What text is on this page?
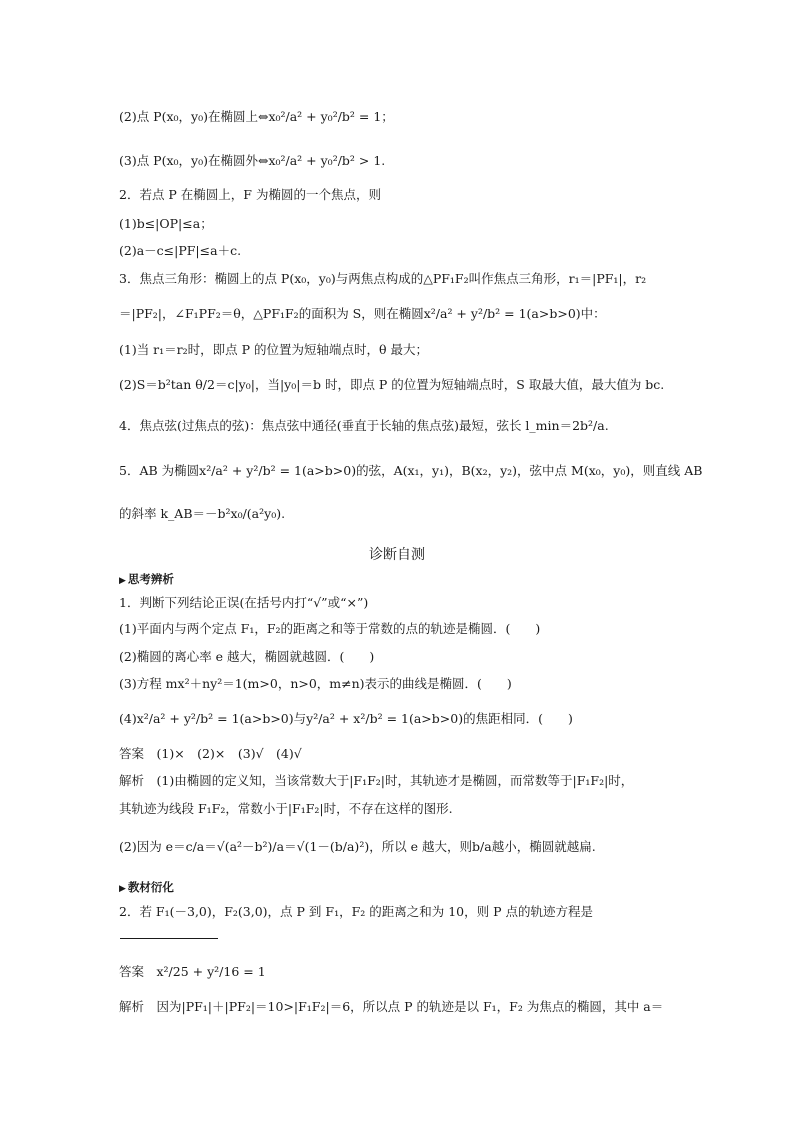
诊断自测
▶ 思考辨析
▶ 教材衍化
(2)点 P(x₀，y₀)在椭圆上⇔x₀²/a² + y₀²/b² = 1；
(3)点 P(x₀，y₀)在椭圆外⇔x₀²/a² + y₀²/b² > 1.
2．若点 P 在椭圆上，F 为椭圆的一个焦点，则
(1)b≤|OP|≤a；
(2)a－c≤|PF|≤a＋c.
3．焦点三角形：椭圆上的点 P(x₀，y₀)与两焦点构成的△PF₁F₂叫作焦点三角形，r₁＝|PF₁|，r₂
＝|PF₂|，∠F₁PF₂＝θ，△PF₁F₂的面积为 S，则在椭圆x²/a² + y²/b² = 1(a>b>0)中：
(1)当 r₁＝r₂时，即点 P 的位置为短轴端点时，θ 最大；
(2)S＝b²tan θ/2＝c|y₀|，当|y₀|＝b 时，即点 P 的位置为短轴端点时，S 取最大值，最大值为 bc.
4．焦点弦(过焦点的弦)：焦点弦中通径(垂直于长轴的焦点弦)最短，弦长 l_min＝2b²/a.
5．AB 为椭圆x²/a² + y²/b² = 1(a>b>0)的弦，A(x₁，y₁)，B(x₂，y₂)，弦中点 M(x₀，y₀)，则直线 AB
的斜率 k_AB＝－b²x₀/(a²y₀).
1．判断下列结论正误(在括号内打“√”或“×”)
(1)平面内与两个定点 F₁，F₂的距离之和等于常数的点的轨迹是椭圆．(　　)
(2)椭圆的离心率 e 越大，椭圆就越圆．(　　)
(3)方程 mx²＋ny²＝1(m>0，n>0，m≠n)表示的曲线是椭圆．(　　)
(4)x²/a² + y²/b² = 1(a>b>0)与y²/a² + x²/b² = 1(a>b>0)的焦距相同．(　　)
答案　(1)×　(2)×　(3)√　(4)√
解析　(1)由椭圆的定义知，当该常数大于|F₁F₂|时，其轨迹才是椭圆，而常数等于|F₁F₂|时，
其轨迹为线段 F₁F₂，常数小于|F₁F₂|时，不存在这样的图形.
(2)因为 e＝c/a＝√(a²－b²)/a＝√(1－(b/a)²)，所以 e 越大，则b/a越小，椭圆就越扁.
2．若 F₁(－3,0)，F₂(3,0)，点 P 到 F₁，F₂ 的距离之和为 10，则 P 点的轨迹方程是
答案　x²/25 + y²/16 = 1
解析　因为|PF₁|＋|PF₂|＝10>|F₁F₂|＝6，所以点 P 的轨迹是以 F₁，F₂ 为焦点的椭圆，其中 a＝
